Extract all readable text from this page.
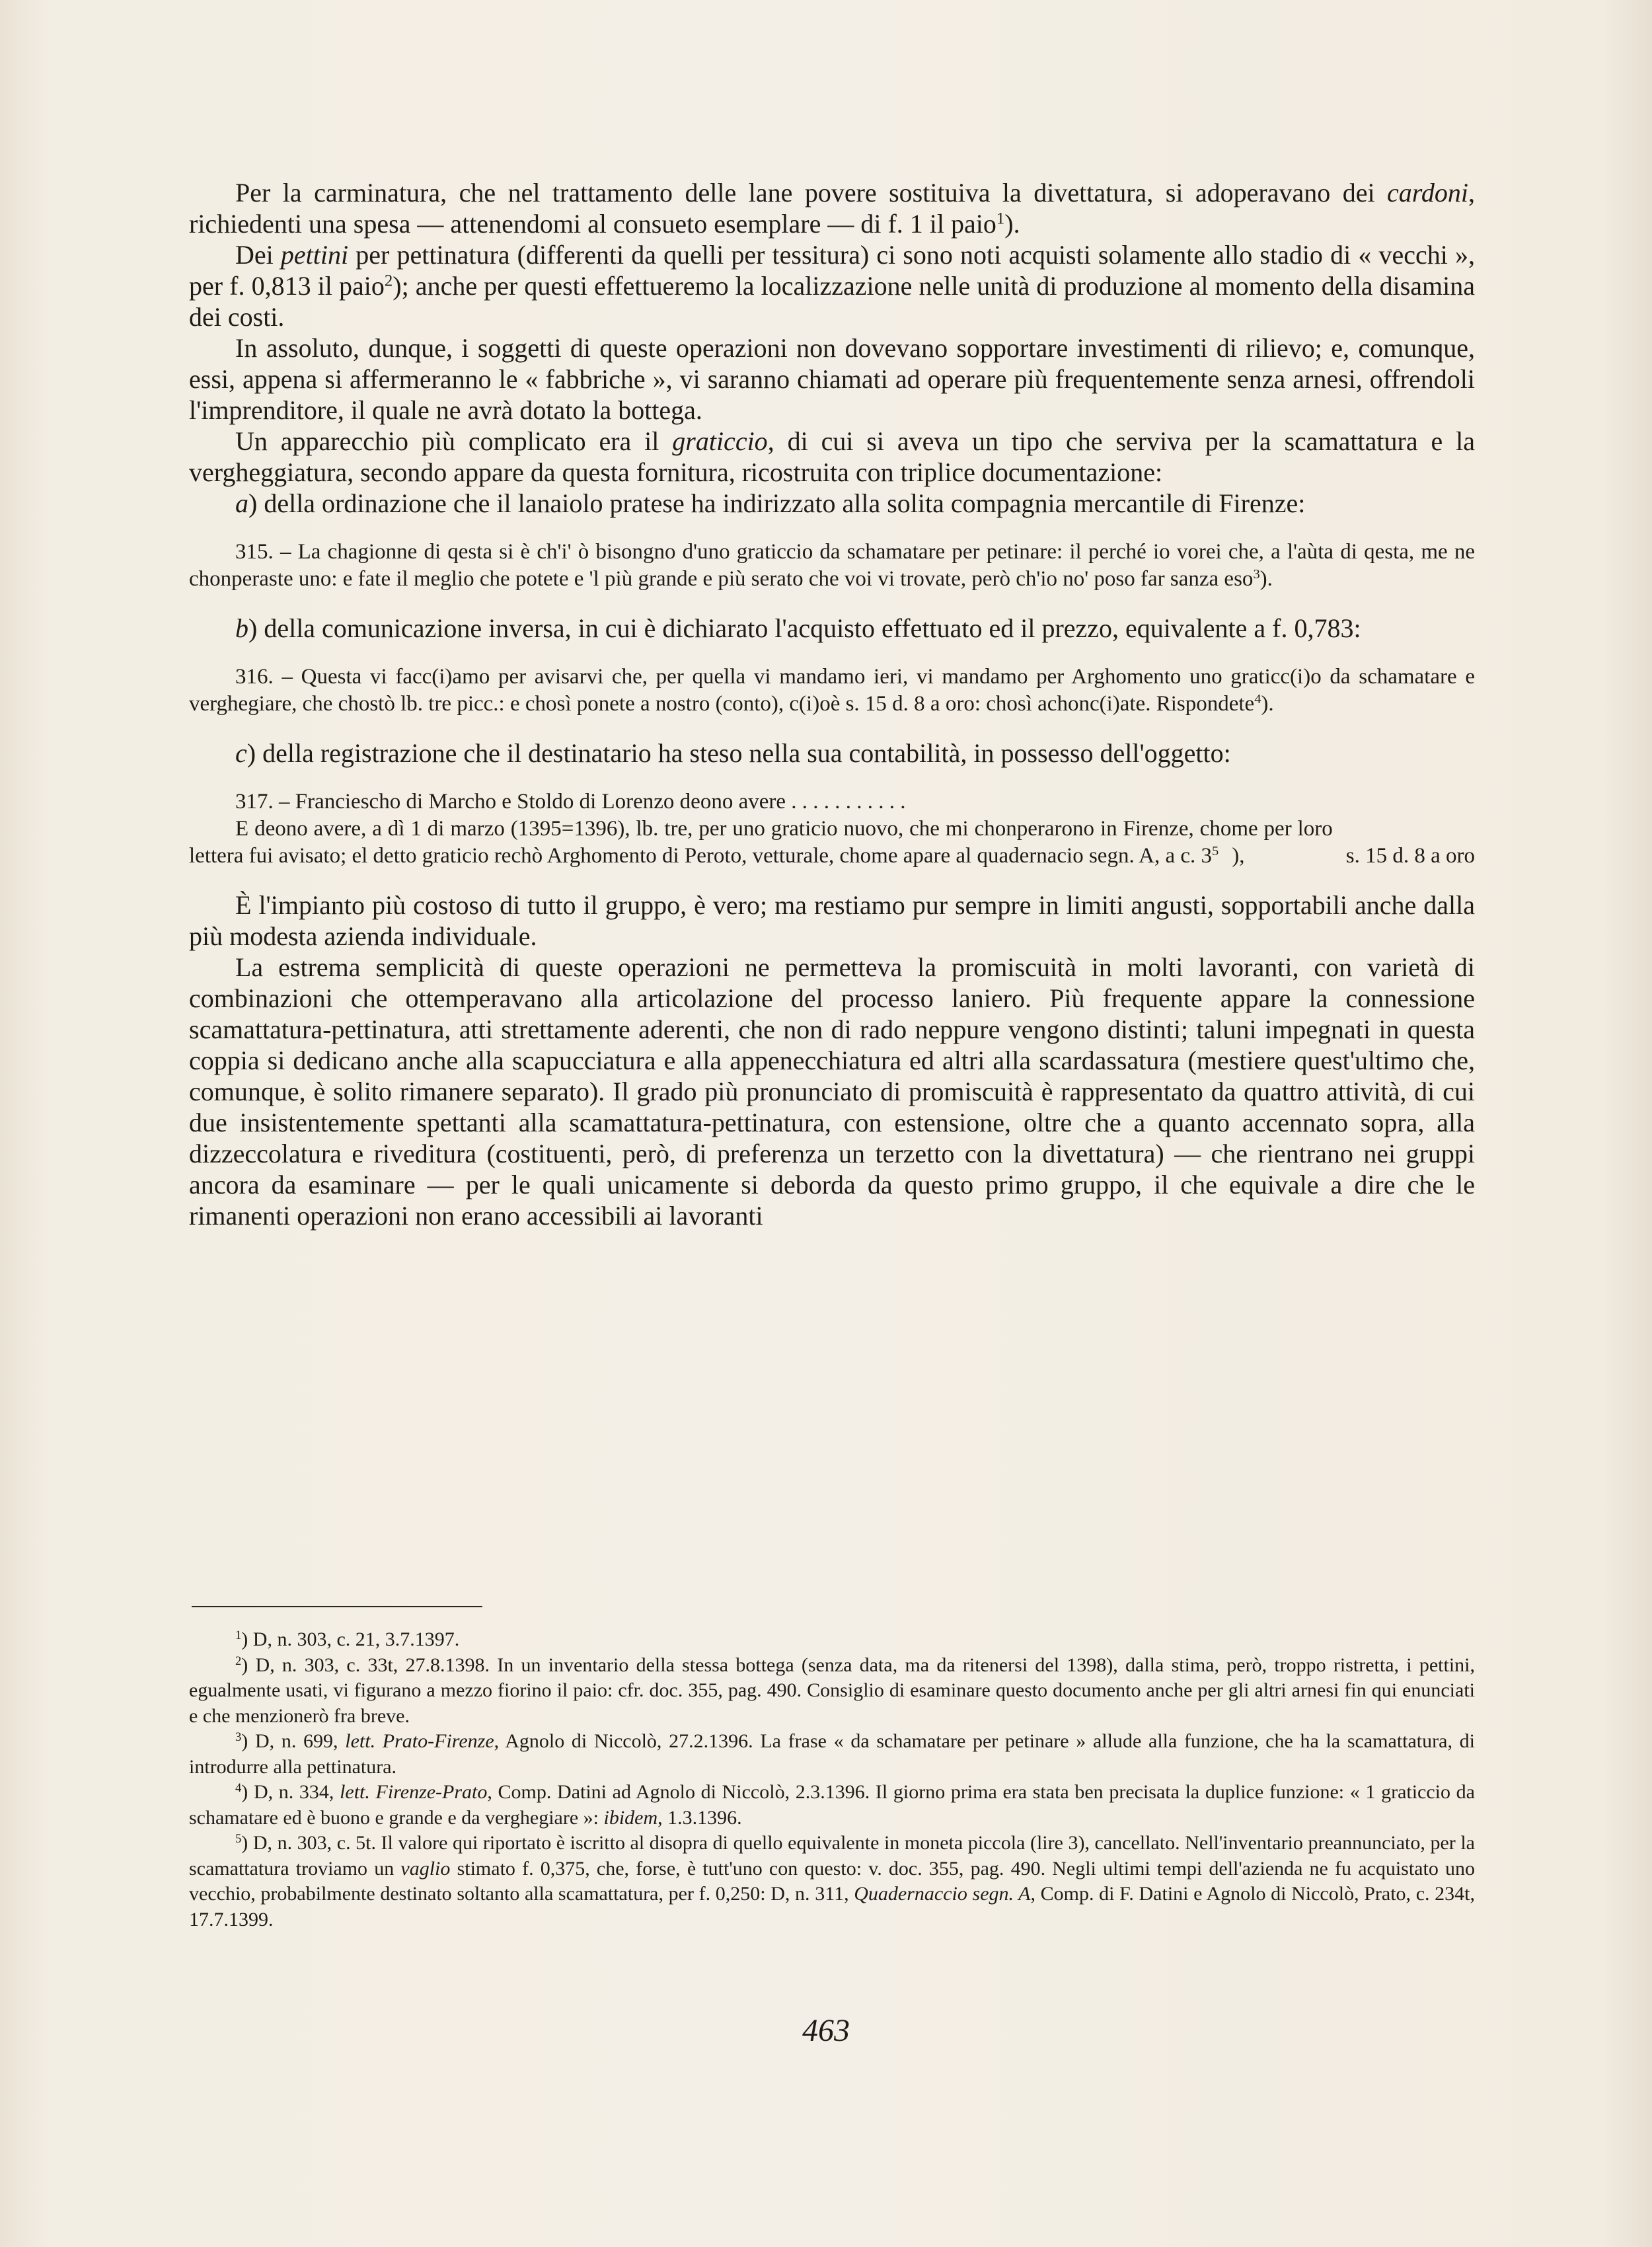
Per la carminatura, che nel trattamento delle lane povere sostituiva la divettatura, si adoperavano dei cardoni, richiedenti una spesa — attenendomi al consueto esemplare — di f. 1 il paio$^1$).

Dei pettini per pettinatura (differenti da quelli per tessitura) ci sono noti acquisti solamente allo stadio di « vecchi », per f. 0,813 il paio$^2$); anche per questi effettueremo la localizzazione nelle unità di produzione al momento della disamina dei costi.

In assoluto, dunque, i soggetti di queste operazioni non dovevano sopportare investimenti di rilievo; e, comunque, essi, appena si affermeranno le « fabbriche », vi saranno chiamati ad operare più frequentemente senza arnesi, offrendoli l'imprenditore, il quale ne avrà dotato la bottega.

Un apparecchio più complicato era il graticcio, di cui si aveva un tipo che serviva per la scamattatura e la vergheggiatura, secondo appare da questa fornitura, ricostruita con triplice documentazione:

a) della ordinazione che il lanaiolo pratese ha indirizzato alla solita compagnia mercantile di Firenze:

315. – La chagionne di qesta si è ch'i' ò bisongno d'uno graticcio da schamatare per petinare: il perché io vorei che, a l'aùta di qesta, me ne chonperaste uno: e fate il meglio che potete e 'l più grande e più serato che voi vi trovate, però ch'io no' poso far sanza eso$^3$).

b) della comunicazione inversa, in cui è dichiarato l'acquisto effettuato ed il prezzo, equivalente a f. 0,783:

316. – Questa vi facc(i)amo per avisarvi che, per quella vi mandamo ieri, vi mandamo per Arghomento uno graticc(i)o da schamatare e verghegiare, che chostò lb. tre picc.: e chosì ponete a nostro (conto), c(i)oè s. 15 d. 8 a oro: chosì achonc(i)ate. Rispondete$^4$).

c) della registrazione che il destinatario ha steso nella sua contabilità, in possesso dell'oggetto:

317. – Franciescho di Marcho e Stoldo di Lorenzo deono avere . . . . . . . . . . .

E deono avere, a dì 1 di marzo (1395=1396), lb. tre, per uno graticio nuovo, che mi chonperarono in Firenze, chome per loro lettera fui avisato; el detto graticio rechò Arghomento di Peroto, vetturale, chome apare al quadernacio segn. A, a c. $3^5$ ),	s. 15 d. 8 a oro

È l'impianto più costoso di tutto il gruppo, è vero; ma restiamo pur sempre in limiti angusti, sopportabili anche dalla più modesta azienda individuale.

La estrema semplicità di queste operazioni ne permetteva la promiscuità in molti lavoranti, con varietà di combinazioni che ottemperavano alla articolazione del processo laniero. Più frequente appare la connessione scamattatura-pettinatura, atti strettamente aderenti, che non di rado neppure vengono distinti; taluni impegnati in questa coppia si dedicano anche alla scapucciatura e alla appenecchiatura ed altri alla scardassatura (mestiere quest'ultimo che, comunque, è solito rimanere separato). Il grado più pronunciato di promiscuità è rappresentato da quattro attività, di cui due insistentemente spettanti alla scamattatura-pettinatura, con estensione, oltre che a quanto accennato sopra, alla dizzeccolatura e riveditura (costituenti, però, di preferenza un terzetto con la divettatura) — che rientrano nei gruppi ancora da esaminare — per le quali unicamente si deborda da questo primo gruppo, il che equivale a dire che le rimanenti operazioni non erano accessibili ai lavoranti

$^1$) D, n. 303, c. 21, 3.7.1397.

$^2$) D, n. 303, c. 33t, 27.8.1398. In un inventario della stessa bottega (senza data, ma da ritenersi del 1398), dalla stima, però, troppo ristretta, i pettini, egualmente usati, vi figurano a mezzo fiorino il paio: cfr. doc. 355, pag. 490. Consiglio di esaminare questo documento anche per gli altri arnesi fin qui enunciati e che menzionerò fra breve.

$^3$) D, n. 699, lett. Prato-Firenze, Agnolo di Niccolò, 27.2.1396. La frase « da schamatare per petinare » allude alla funzione, che ha la scamattatura, di introdurre alla pettinatura.

$^4$) D, n. 334, lett. Firenze-Prato, Comp. Datini ad Agnolo di Niccolò, 2.3.1396. Il giorno prima era stata ben precisata la duplice funzione: « 1 graticcio da schamatare ed è buono e grande e da verghegiare »: ibidem, 1.3.1396.

$^5$) D, n. 303, c. 5t. Il valore qui riportato è iscritto al disopra di quello equivalente in moneta piccola (lire 3), cancellato. Nell'inventario preannunciato, per la scamattatura troviamo un vaglio stimato f. 0,375, che, forse, è tutt'uno con questo: v. doc. 355, pag. 490. Negli ultimi tempi dell'azienda ne fu acquistato uno vecchio, probabilmente destinato soltanto alla scamattatura, per f. 0,250: D, n. 311, Quadernaccio segn. A, Comp. di F. Datini e Agnolo di Niccolò, Prato, c. 234t, 17.7.1399.

463
